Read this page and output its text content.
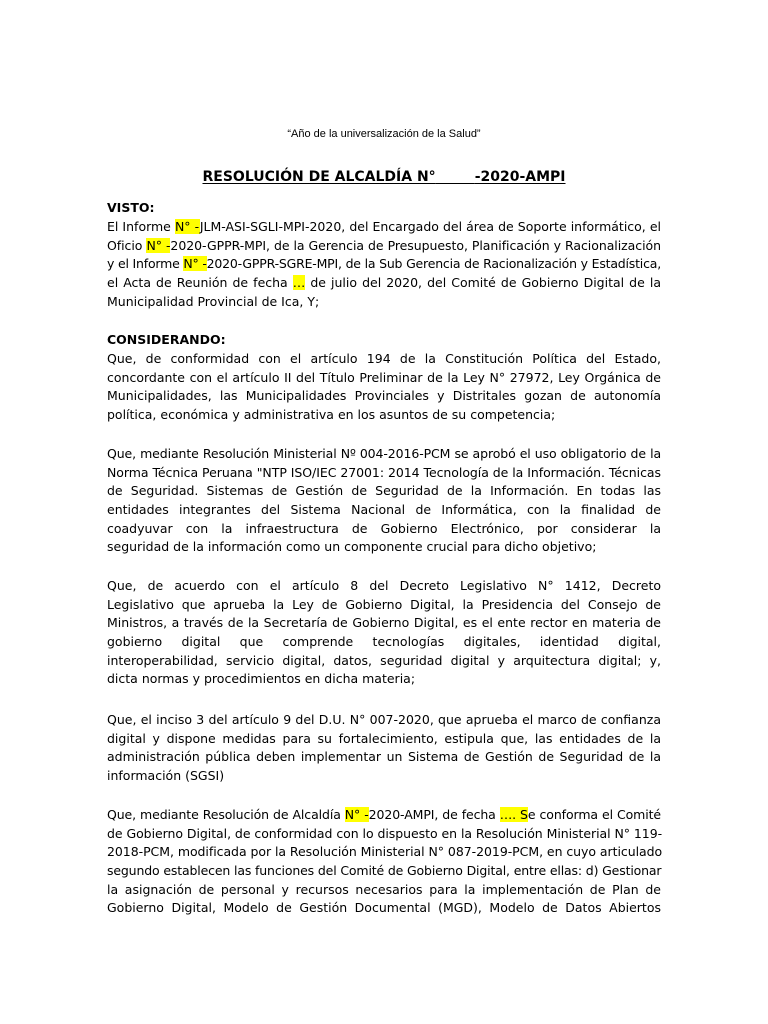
“Año de la universalización de la Salud”
RESOLUCIÓN DE ALCALDÍA N°	-2020-AMPI
VISTO:
El Informe N° -JLM-ASI-SGLI-MPI-2020, del Encargado del área de Soporte informático, el
Oficio N° -2020-GPPR-MPI, de la Gerencia de Presupuesto, Planificación y Racionalización
y el Informe N° -2020-GPPR-SGRE-MPI, de la Sub Gerencia de Racionalización y Estadística,
el Acta de Reunión de fecha … de julio del 2020, del Comité de Gobierno Digital de la
Municipalidad Provincial de Ica, Y;
CONSIDERANDO:
Que, de conformidad con el artículo 194 de la Constitución Política del Estado,
concordante con el artículo II del Título Preliminar de la Ley N° 27972, Ley Orgánica de
Municipalidades, las Municipalidades Provinciales y Distritales gozan de autonomía
política, económica y administrativa en los asuntos de su competencia;
Que, mediante Resolución Ministerial Nº 004-2016-PCM se aprobó el uso obligatorio de la
Norma Técnica Peruana "NTP ISO/IEC 27001: 2014 Tecnología de la Información. Técnicas
de Seguridad. Sistemas de Gestión de Seguridad de la Información. En todas las
entidades integrantes del Sistema Nacional de Informática, con la finalidad de
coadyuvar con la infraestructura de Gobierno Electrónico, por considerar la
seguridad de la información como un componente crucial para dicho objetivo;
Que, de acuerdo con el artículo 8 del Decreto Legislativo N° 1412, Decreto
Legislativo que aprueba la Ley de Gobierno Digital, la Presidencia del Consejo de
Ministros, a través de la Secretaría de Gobierno Digital, es el ente rector en materia de
gobierno digital que comprende tecnologías digitales, identidad digital,
interoperabilidad, servicio digital, datos, seguridad digital y arquitectura digital; y,
dicta normas y procedimientos en dicha materia;
Que, el inciso 3 del artículo 9 del D.U. N° 007-2020, que aprueba el marco de confianza
digital y dispone medidas para su fortalecimiento, estipula que, las entidades de la
administración pública deben implementar un Sistema de Gestión de Seguridad de la
información (SGSI)
Que, mediante Resolución de Alcaldía N° -2020-AMPI, de fecha …. Se conforma el Comité
de Gobierno Digital, de conformidad con lo dispuesto en la Resolución Ministerial N° 119-
2018-PCM, modificada por la Resolución Ministerial N° 087-2019-PCM, en cuyo articulado
segundo establecen las funciones del Comité de Gobierno Digital, entre ellas: d) Gestionar
la asignación de personal y recursos necesarios para la implementación de Plan de
Gobierno Digital, Modelo de Gestión Documental (MGD), Modelo de Datos Abiertos
